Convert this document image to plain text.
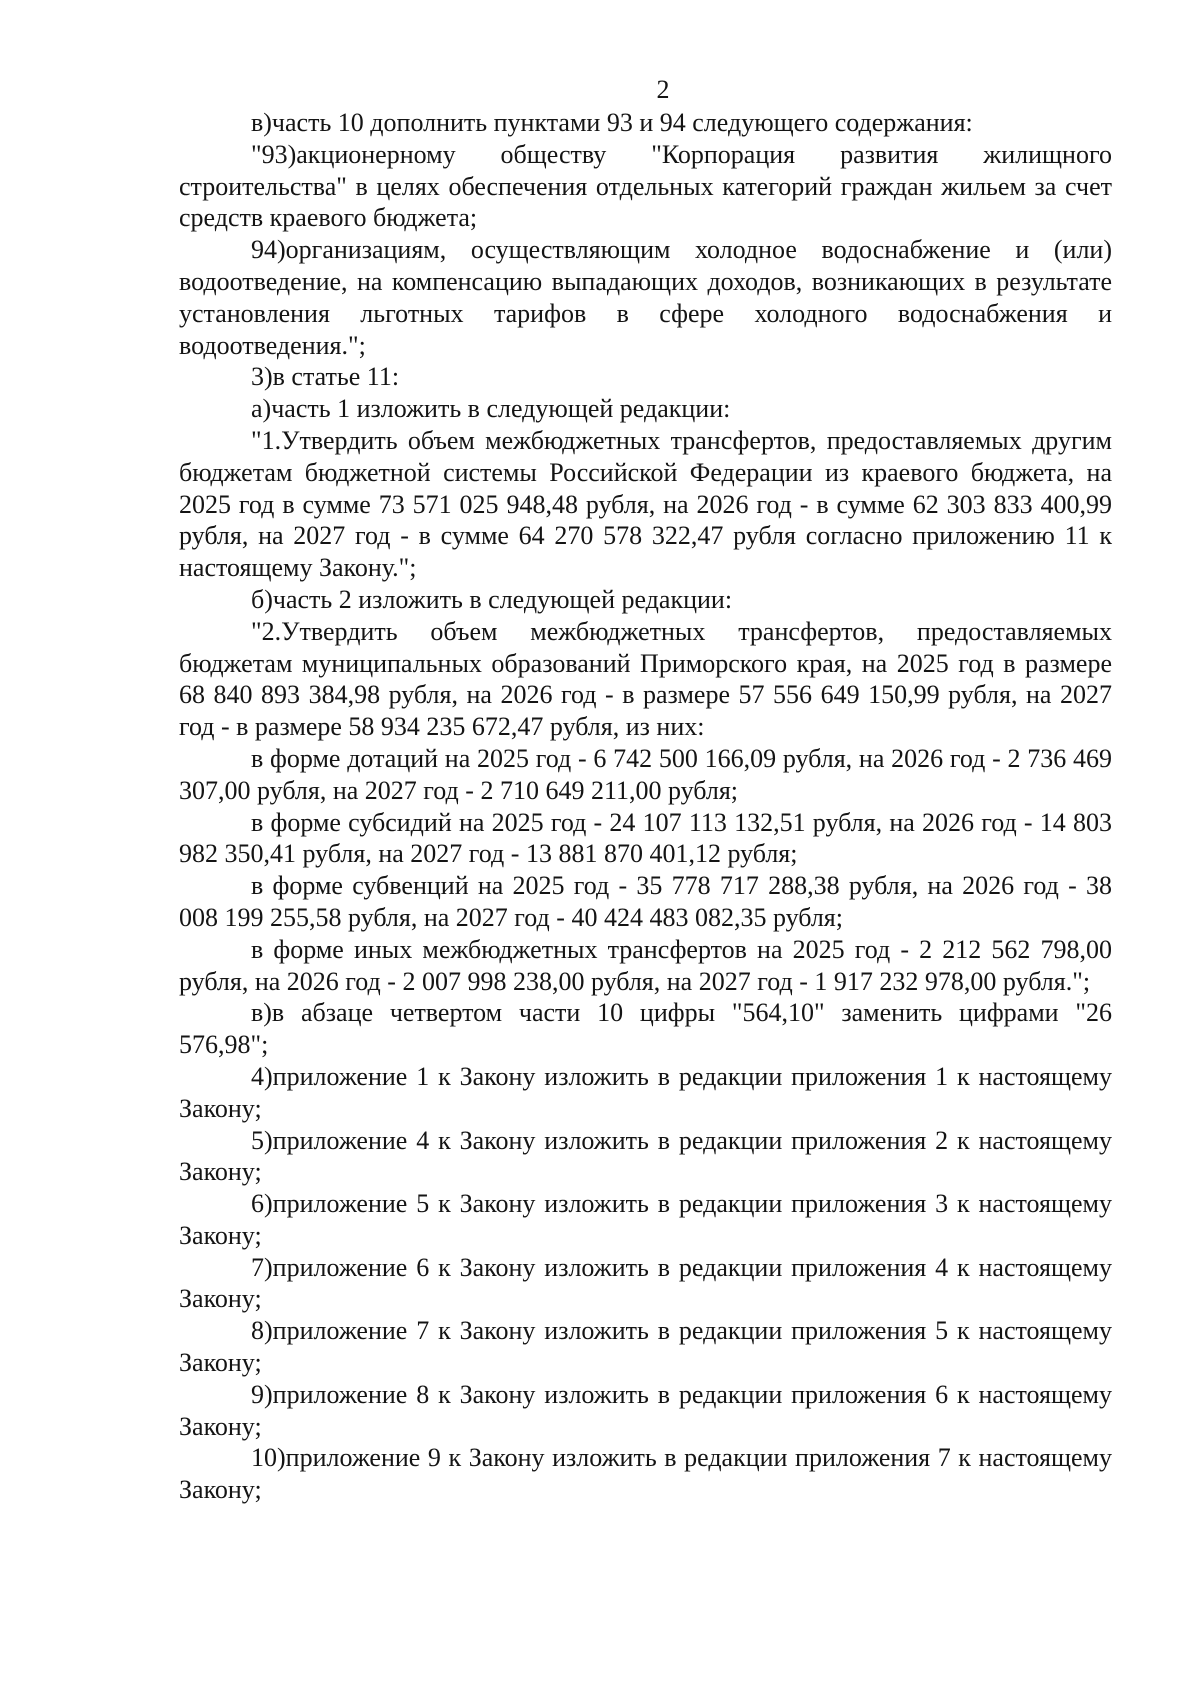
2

в)часть 10 дополнить пунктами 93 и 94 следующего содержания:

"93)акционерному обществу "Корпорация развития жилищного строительства" в целях обеспечения отдельных категорий граждан жильем за счет средств краевого бюджета;

94)организациям, осуществляющим холодное водоснабжение и (или) водоотведение, на компенсацию выпадающих доходов, возникающих в результате установления льготных тарифов в сфере холодного водоснабжения и водоотведения.";

3)в статье 11:

а)часть 1 изложить в следующей редакции:

"1.Утвердить объем межбюджетных трансфертов, предоставляемых другим бюджетам бюджетной системы Российской Федерации из краевого бюджета, на 2025 год в сумме 73 571 025 948,48 рубля, на 2026 год - в сумме 62 303 833 400,99 рубля, на 2027 год - в сумме 64 270 578 322,47 рубля согласно приложению 11 к настоящему Закону.";

б)часть 2 изложить в следующей редакции:

"2.Утвердить объем межбюджетных трансфертов, предоставляемых бюджетам муниципальных образований Приморского края, на 2025 год в размере 68 840 893 384,98 рубля, на 2026 год - в размере 57 556 649 150,99 рубля, на 2027 год - в размере 58 934 235 672,47 рубля, из них:

в форме дотаций на 2025 год - 6 742 500 166,09 рубля, на 2026 год - 2 736 469 307,00 рубля, на 2027 год - 2 710 649 211,00 рубля;

в форме субсидий на 2025 год - 24 107 113 132,51 рубля, на 2026 год - 14 803 982 350,41 рубля, на 2027 год - 13 881 870 401,12 рубля;

в форме субвенций на 2025 год - 35 778 717 288,38 рубля, на 2026 год - 38 008 199 255,58 рубля, на 2027 год - 40 424 483 082,35 рубля;

в форме иных межбюджетных трансфертов на 2025 год - 2 212 562 798,00 рубля, на 2026 год - 2 007 998 238,00 рубля, на 2027 год - 1 917 232 978,00 рубля.";

в)в абзаце четвертом части 10 цифры "564,10" заменить цифрами "26 576,98";

4)приложение 1 к Закону изложить в редакции приложения 1 к настоящему Закону;

5)приложение 4 к Закону изложить в редакции приложения 2 к настоящему Закону;

6)приложение 5 к Закону изложить в редакции приложения 3 к настоящему Закону;

7)приложение 6 к Закону изложить в редакции приложения 4 к настоящему Закону;

8)приложение 7 к Закону изложить в редакции приложения 5 к настоящему Закону;

9)приложение 8 к Закону изложить в редакции приложения 6 к настоящему Закону;

10)приложение 9 к Закону изложить в редакции приложения 7 к настоящему Закону;
